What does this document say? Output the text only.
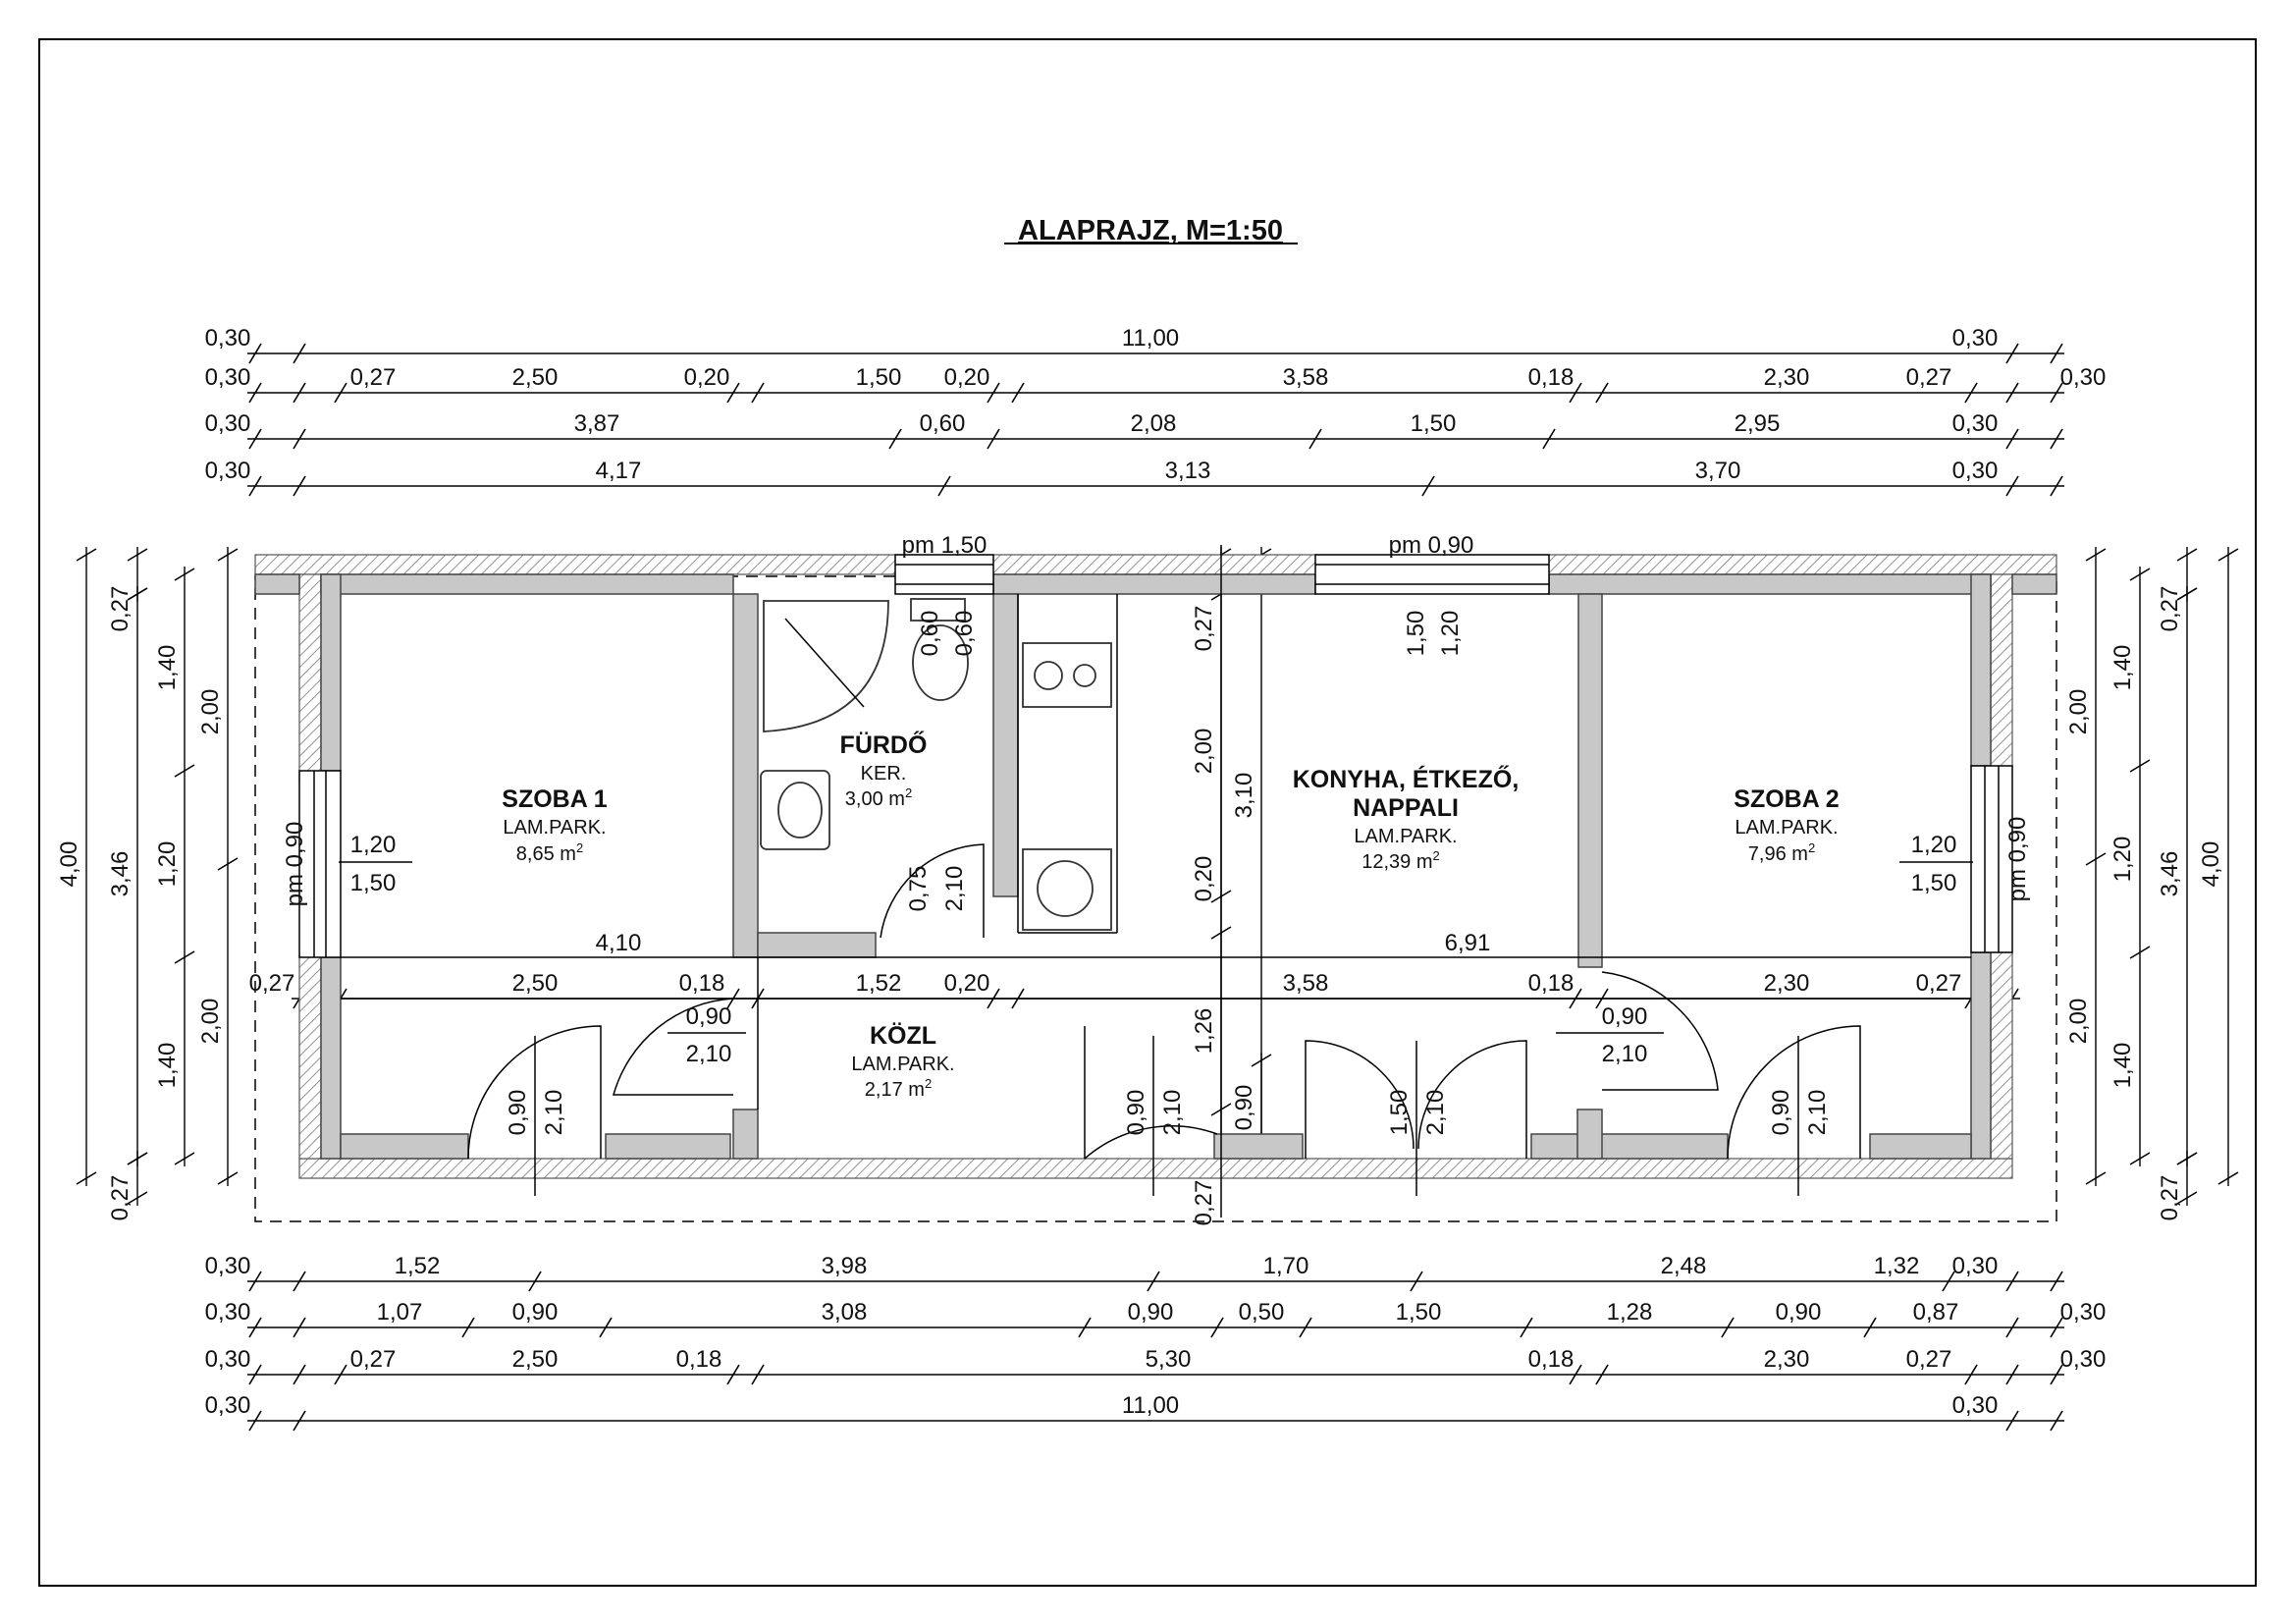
ALAPRAJZ, M=1:50
0,30	11,00	0,30
0,30	0,27	2,50	0,20	1,50 0,20	3,58	0,18	2,30	0,27	0,30
0,30	3,87	0,60	2,08	1,50	2,95	0,30
0,30	4,17	3,13	3,70	0,30
0,27	2,50	0,18	1,52 0,20	3,58	0,18	2,30	0,27
0,30	1,52	3,98	1,70	2,48	1,32 0,30
0,30	1,07	0,90	3,08	0,90	0,50	1,50	1,28	0,90	0,87	0,30
0,30	0,27	2,50	0,18	5,30	0,18	2,30	0,27	0,30
0,30	11,00	0,30
4,00 3,46
1,40
1,20
1,40
2,00
2,00
0,27
0,27
4,00
3,46
1,40
1,20
1,40
2,00
2,00
0,27
0,27
0,27
2,00
0,20
1,26
0,27
3,10
0,90
SZOBA 1
LAM.PARK.
8,65 $m^2$
FÜRDŐ
KER.
3,00 $m^2$	KONYHA, ÉTKEZŐ,
NAPPALI
LAM.PARK.
12,39 $m^2$
SZOBA 2
LAM.PARK.
7,96 $m^2$
KÖZL
LAM.PARK.
2,17 $m^2$
pm 1,50	pm 0,90
pm 0,90	pm 0,90
1,20
1,50
1,20
1,50
0,60 0,60	1,50 1,20
0,75 2,10
0,90
2,10
0,90
2,10
0,90 2,10	0,90 2,10	1,50 2,10	0,90 2,10
4,10	6,91
